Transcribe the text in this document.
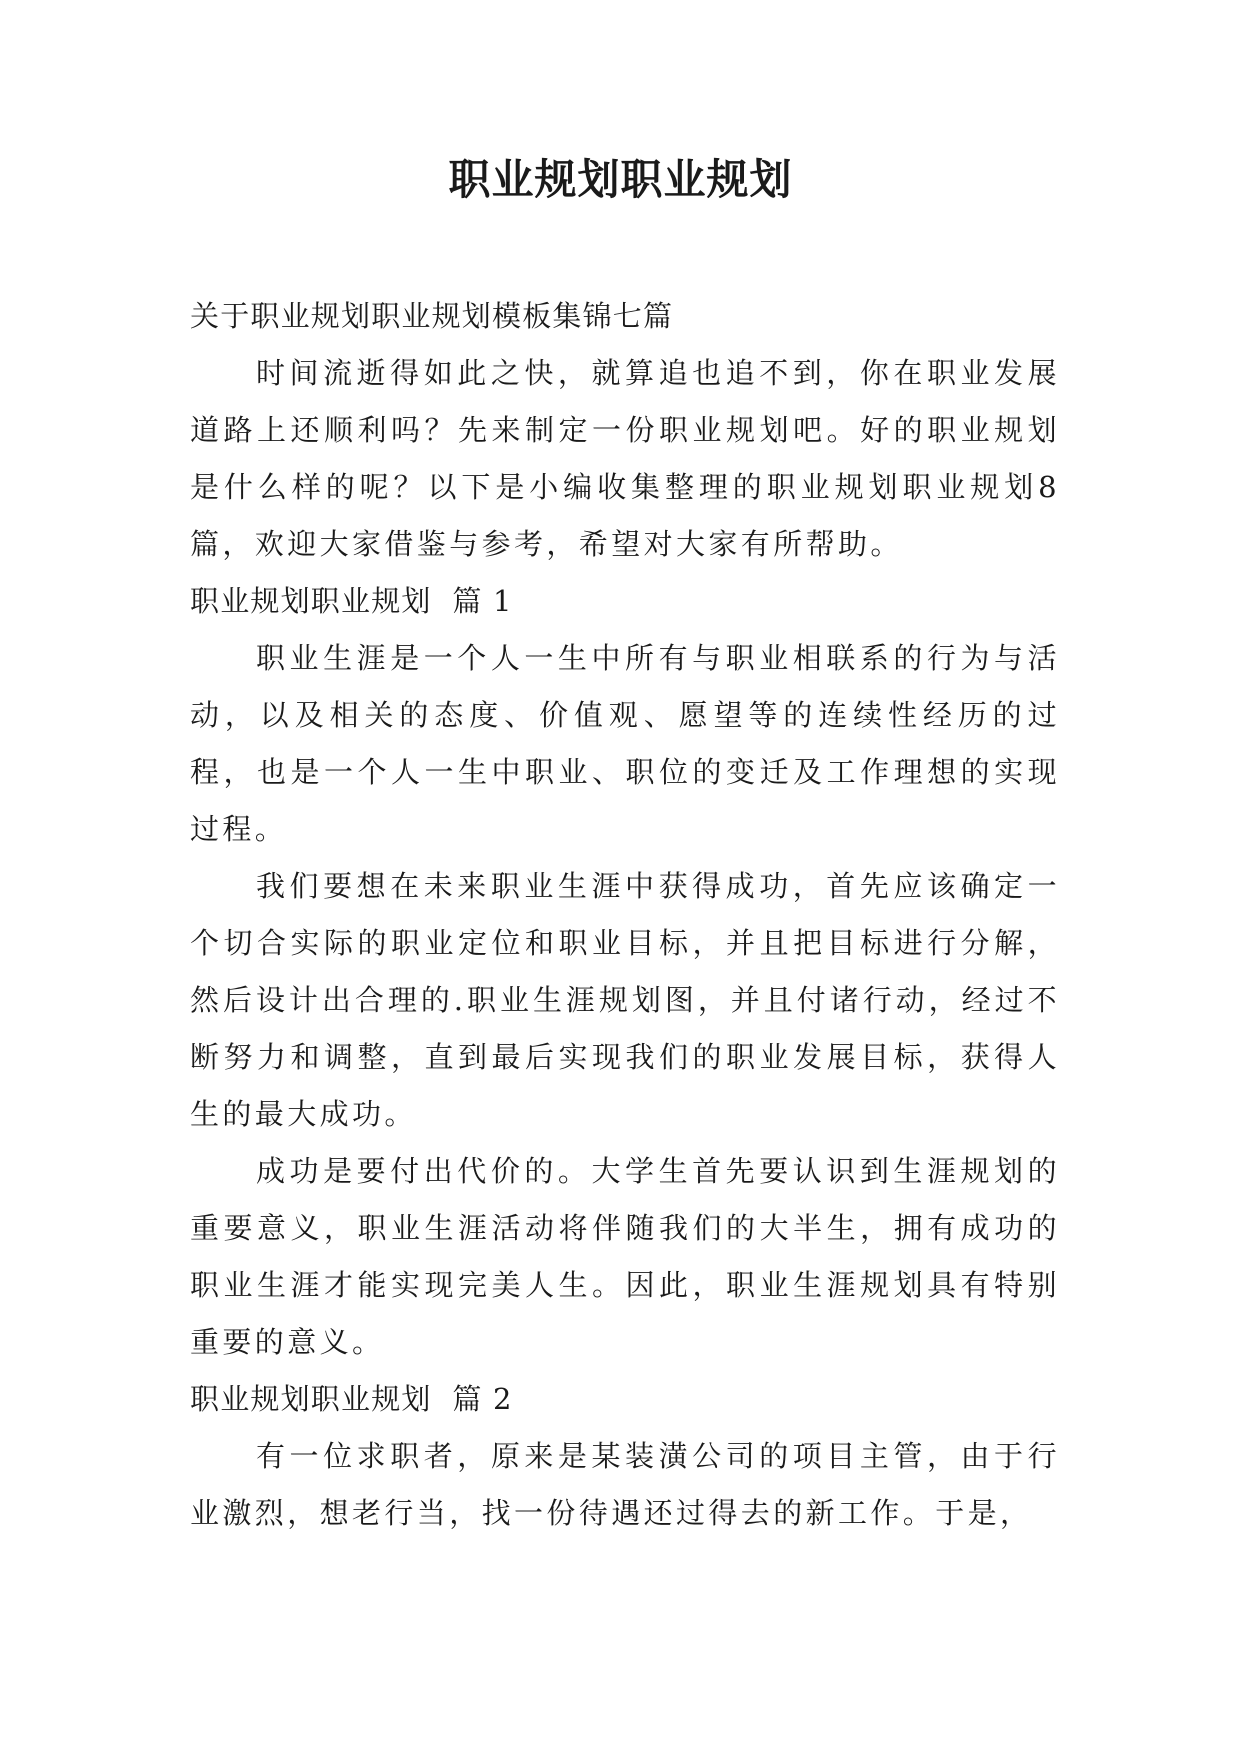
职业规划职业规划

关于职业规划职业规划模板集锦七篇

时间流逝得如此之快，就算追也追不到，你在职业发展道路上还顺利吗？先来制定一份职业规划吧。好的职业规划是什么样的呢？以下是小编收集整理的职业规划职业规划8篇，欢迎大家借鉴与参考，希望对大家有所帮助。

职业规划职业规划  篇 1

职业生涯是一个人一生中所有与职业相联系的行为与活动，以及相关的态度、价值观、愿望等的连续性经历的过程，也是一个人一生中职业、职位的变迁及工作理想的实现过程。

我们要想在未来职业生涯中获得成功，首先应该确定一个切合实际的职业定位和职业目标，并且把目标进行分解，然后设计出合理的.职业生涯规划图，并且付诸行动，经过不断努力和调整，直到最后实现我们的职业发展目标，获得人生的最大成功。

成功是要付出代价的。大学生首先要认识到生涯规划的重要意义，职业生涯活动将伴随我们的大半生，拥有成功的职业生涯才能实现完美人生。因此，职业生涯规划具有特别重要的意义。

职业规划职业规划  篇 2

有一位求职者，原来是某装潢公司的项目主管，由于行业激烈，想老行当，找一份待遇还过得去的新工作。于是，
